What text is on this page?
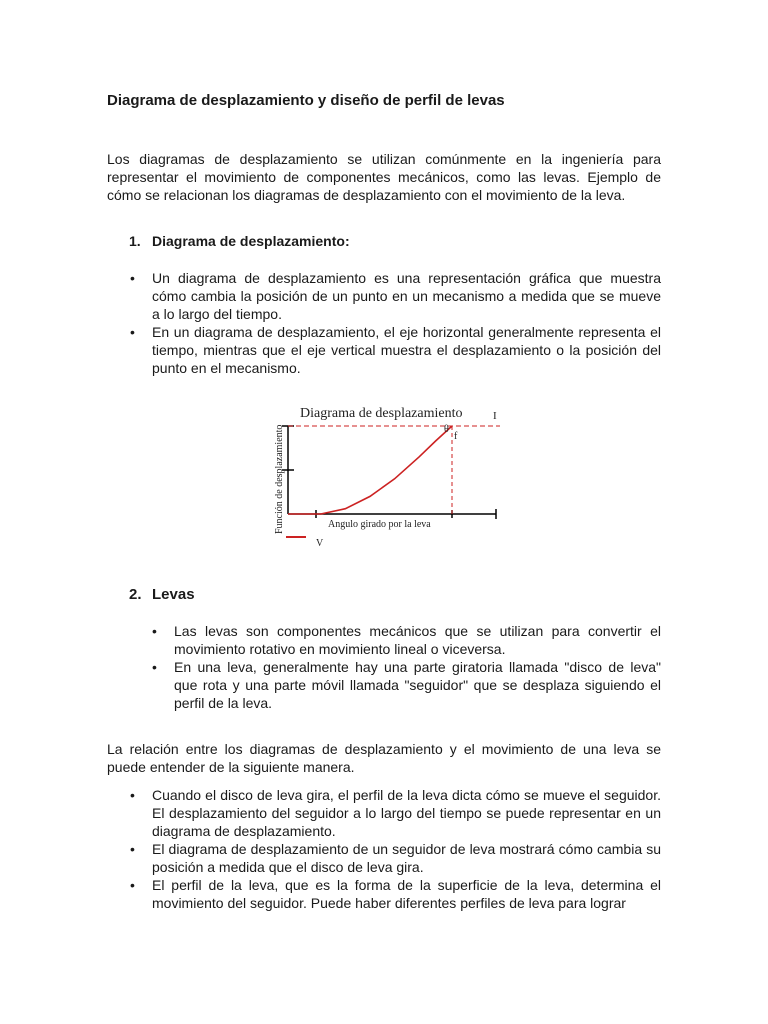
Diagrama de desplazamiento y diseño de perfil de levas

Los diagramas de desplazamiento se utilizan comúnmente en la ingeniería para representar el movimiento de componentes mecánicos, como las levas. Ejemplo de cómo se relacionan los diagramas de desplazamiento con el movimiento de la leva.

1. Diagrama de desplazamiento:
• Un diagrama de desplazamiento es una representación gráfica que muestra cómo cambia la posición de un punto en un mecanismo a medida que se mueve a lo largo del tiempo.
• En un diagrama de desplazamiento, el eje horizontal generalmente representa el tiempo, mientras que el eje vertical muestra el desplazamiento o la posición del punto en el mecanismo.
2. Levas
• Las levas son componentes mecánicos que se utilizan para convertir el movimiento rotativo en movimiento lineal o viceversa.
• En una leva, generalmente hay una parte giratoria llamada "disco de leva" que rota y una parte móvil llamada "seguidor" que se desplaza siguiendo el perfil de la leva.

La relación entre los diagramas de desplazamiento y el movimiento de una leva se puede entender de la siguiente manera.

• Cuando el disco de leva gira, el perfil de la leva dicta cómo se mueve el seguidor. El desplazamiento del seguidor a lo largo del tiempo se puede representar en un diagrama de desplazamiento.
• El diagrama de desplazamiento de un seguidor de leva mostrará cómo cambia su posición a medida que el disco de leva gira.
• El perfil de la leva, que es la forma de la superficie de la leva, determina el movimiento del seguidor. Puede haber diferentes perfiles de leva para lograr
Diagrama de desplazamiento	I
Función de desplazamiento	θ
f
Angulo girado por la leva
V
